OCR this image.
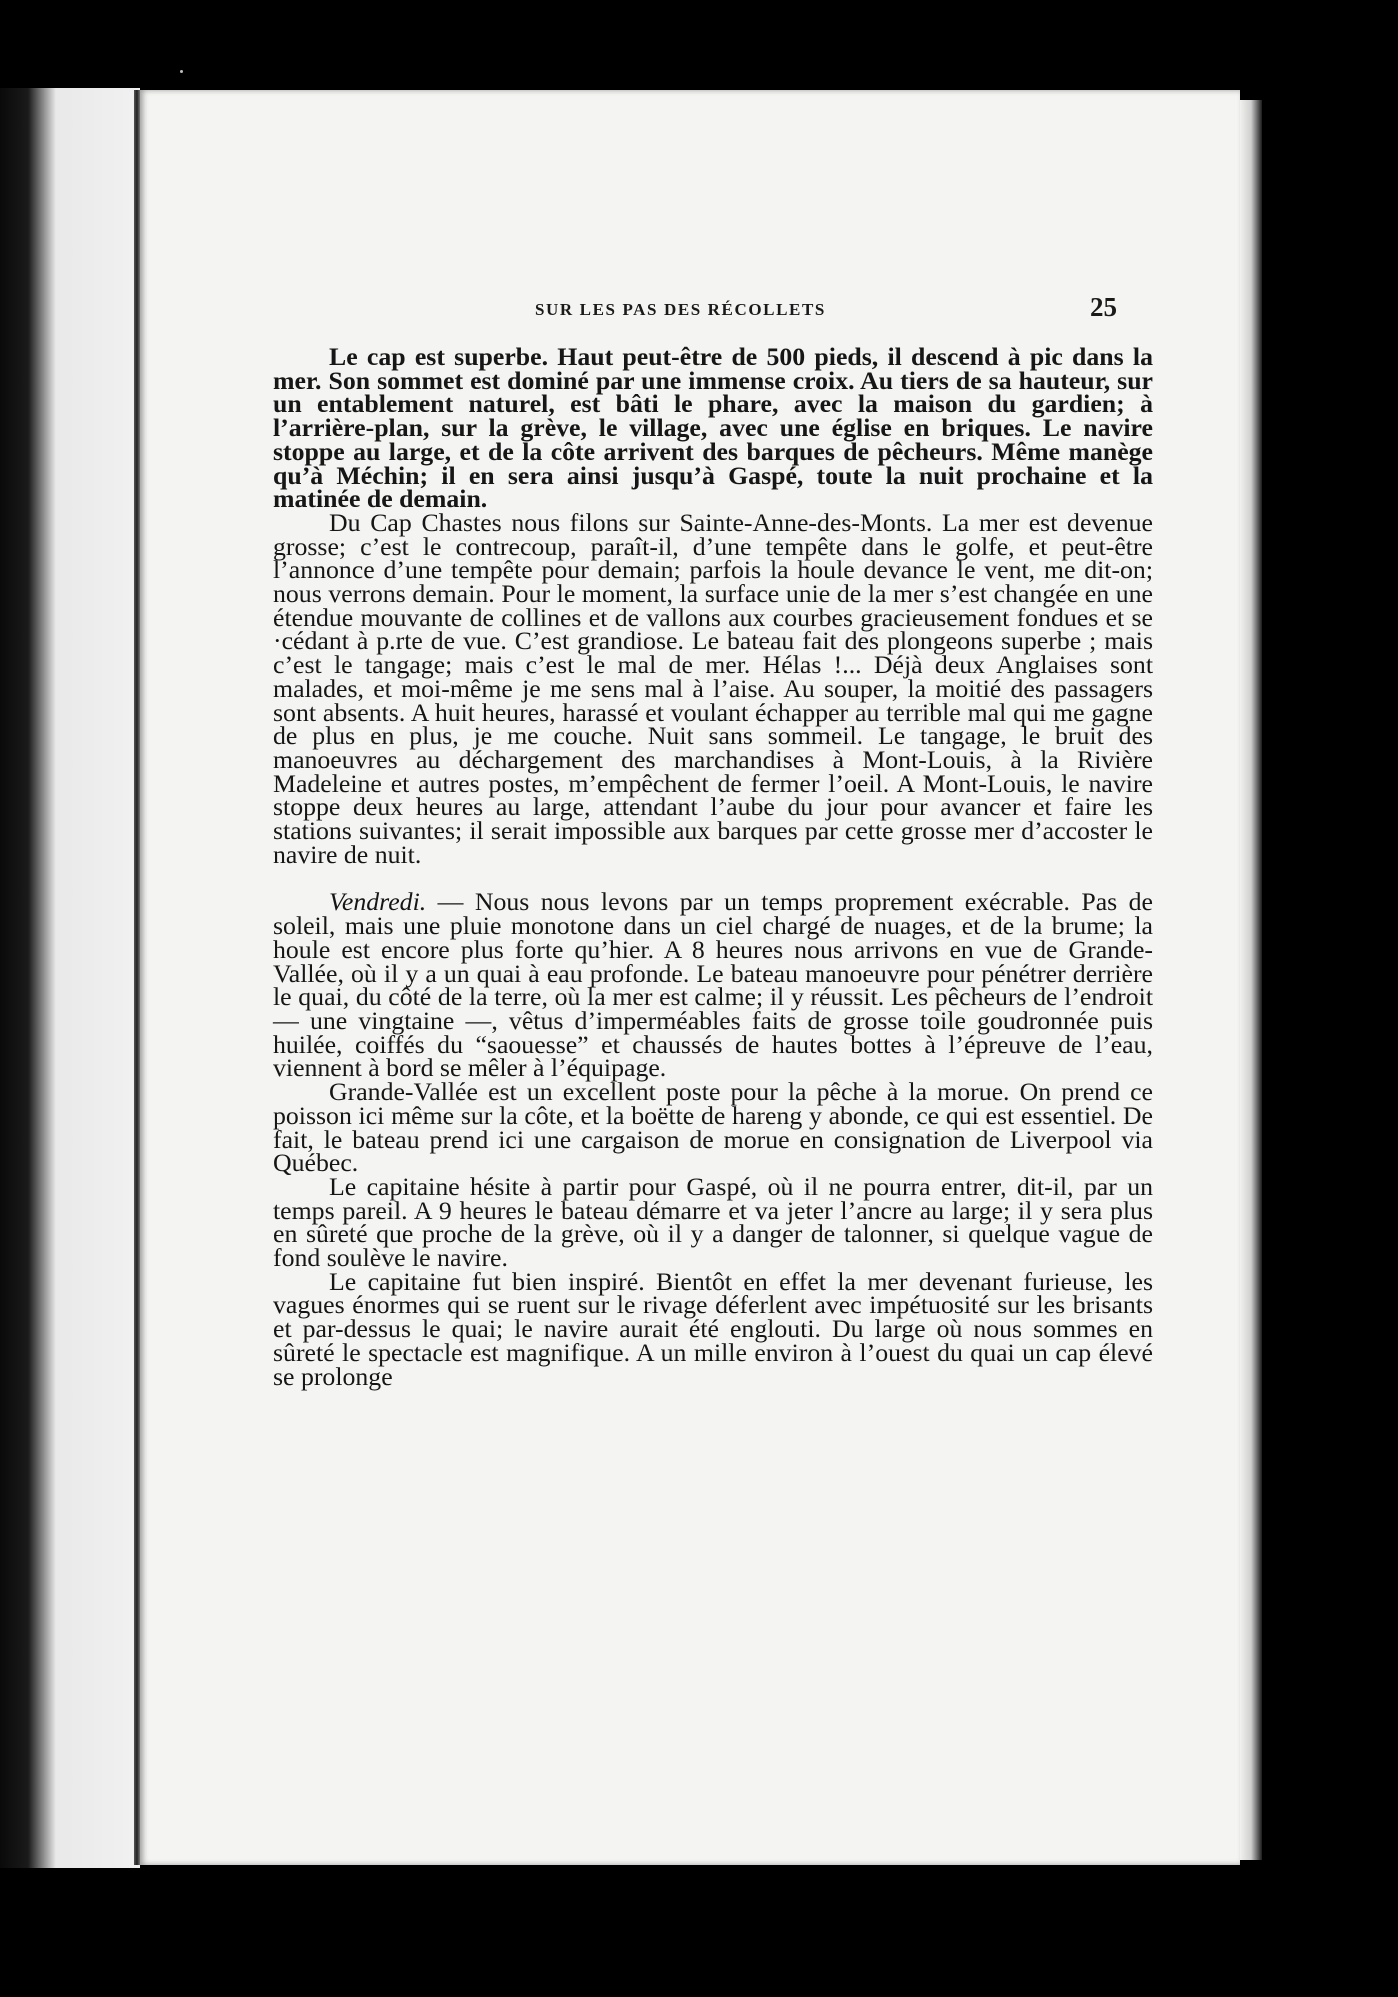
SUR LES PAS DES RÉCOLLETS	25

Le cap est superbe. Haut peut-être de 500 pieds, il descend à pic dans la mer. Son sommet est dominé par une immense croix. Au tiers de sa hauteur, sur un entablement naturel, est bâti le phare, avec la maison du gardien; à l’arrière-plan, sur la grève, le village, avec une église en briques. Le navire stoppe au large, et de la côte arrivent des barques de pêcheurs. Même manège qu’à Méchin; il en sera ainsi jusqu’à Gaspé, toute la nuit prochaine et la matinée de demain.

Du Cap Chastes nous filons sur Sainte-Anne-des-Monts. La mer est devenue grosse; c’est le contrecoup, paraît-il, d’une tempête dans le golfe, et peut-être l’annonce d’une tempête pour demain; parfois la houle devance le vent, me dit-on; nous verrons demain. Pour le moment, la surface unie de la mer s’est changée en une étendue mouvante de collines et de vallons aux courbes gracieusement fondues et se ·cédant à p.rte de vue. C’est grandiose. Le bateau fait des plongeons superbe ; mais c’est le tangage; mais c’est le mal de mer. Hélas !... Déjà deux Anglaises sont malades, et moi-même je me sens mal à l’aise. Au souper, la moitié des passagers sont absents. A huit heures, harassé et voulant échapper au terrible mal qui me gagne de plus en plus, je me couche. Nuit sans sommeil. Le tangage, le bruit des manoeuvres au déchargement des marchandises à Mont-Louis, à la Rivière Madeleine et autres postes, m’empêchent de fermer l’oeil. A Mont-Louis, le navire stoppe deux heures au large, attendant l’aube du jour pour avancer et faire les stations suivantes; il serait impossible aux barques par cette grosse mer d’accoster le navire de nuit.

Vendredi. — Nous nous levons par un temps proprement exécrable. Pas de soleil, mais une pluie monotone dans un ciel chargé de nuages, et de la brume; la houle est encore plus forte qu’hier. A 8 heures nous arrivons en vue de Grande-Vallée, où il y a un quai à eau profonde. Le bateau manoeuvre pour pénétrer derrière le quai, du côté de la terre, où la mer est calme; il y réussit. Les pêcheurs de l’endroit — une vingtaine —, vêtus d’imperméables faits de grosse toile goudronnée puis huilée, coiffés du “saouesse” et chaussés de hautes bottes à l’épreuve de l’eau, viennent à bord se mêler à l’équipage.

Grande-Vallée est un excellent poste pour la pêche à la morue. On prend ce poisson ici même sur la côte, et la boëtte de hareng y abonde, ce qui est essentiel. De fait, le bateau prend ici une cargaison de morue en consignation de Liverpool via Québec.

Le capitaine hésite à partir pour Gaspé, où il ne pourra entrer, dit-il, par un temps pareil. A 9 heures le bateau démarre et va jeter l’ancre au large; il y sera plus en sûreté que proche de la grève, où il y a danger de talonner, si quelque vague de fond soulève le navire.

Le capitaine fut bien inspiré. Bientôt en effet la mer devenant furieuse, les vagues énormes qui se ruent sur le rivage déferlent avec impétuosité sur les brisants et par-dessus le quai; le navire aurait été englouti. Du large où nous sommes en sûreté le spectacle est magnifique. A un mille environ à l’ouest du quai un cap élevé se prolonge
